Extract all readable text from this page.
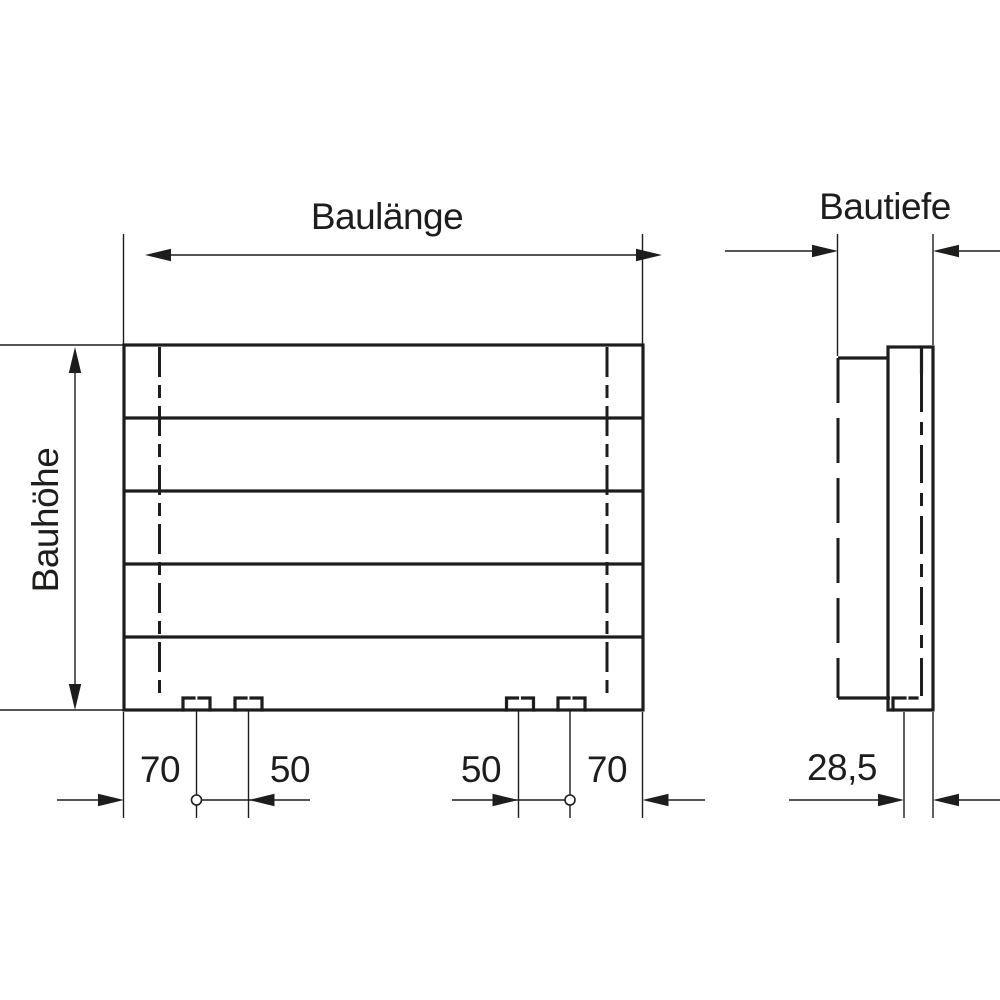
Baulänge	Bautiefe
Bauhöhe
70 50	50 70	28,5
